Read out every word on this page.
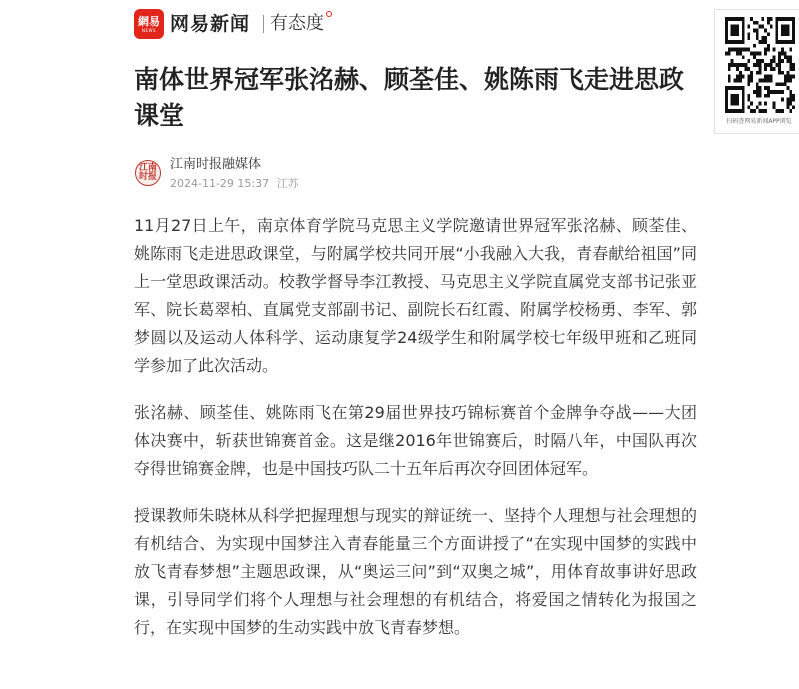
網易
NEWS 网易新闻 有态度
扫码查网易新闻APP浏览
南体世界冠军张洺赫、顾荃佳、姚陈雨飞走进思政课堂
江南时报
江南时报融媒体
2024-11-29 15:37 江苏

11月27日上午，南京体育学院马克思主义学院邀请世界冠军张洺赫、顾荃佳、姚陈雨飞走进思政课堂，与附属学校共同开展“小我融入大我，青春献给祖国”同上一堂思政课活动。校教学督导李江教授、马克思主义学院直属党支部书记张亚军、院长葛翠柏、直属党支部副书记、副院长石红霞、附属学校杨勇、李军、郭梦圆以及运动人体科学、运动康复学24级学生和附属学校七年级甲班和乙班同学参加了此次活动。

张洺赫、顾荃佳、姚陈雨飞在第29届世界技巧锦标赛首个金牌争夺战——大团体决赛中，斩获世锦赛首金。这是继2016年世锦赛后，时隔八年，中国队再次夺得世锦赛金牌，也是中国技巧队二十五年后再次夺回团体冠军。

授课教师朱晓林从科学把握理想与现实的辩证统一、坚持个人理想与社会理想的有机结合、为实现中国梦注入青春能量三个方面讲授了“在实现中国梦的实践中放飞青春梦想”主题思政课，从“奥运三问”到“双奥之城”，用体育故事讲好思政课，引导同学们将个人理想与社会理想的有机结合，将爱国之情转化为报国之行，在实现中国梦的生动实践中放飞青春梦想。
